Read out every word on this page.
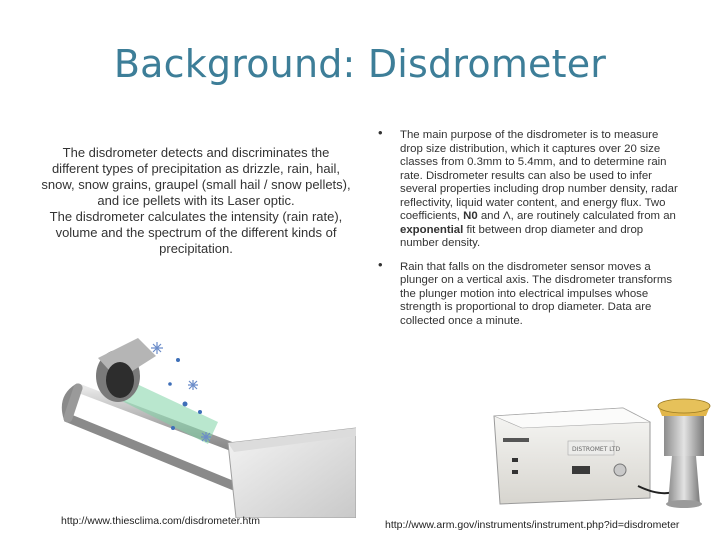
Background: Disdrometer

The disdrometer detects and discriminates the different types of precipitation as drizzle, rain, hail, snow, snow grains, graupel (small hail / snow pellets), and ice pellets with its Laser optic.

The disdrometer calculates the intensity (rain rate), volume and the spectrum of the different kinds of precipitation.

• The main purpose of the disdrometer is to measure drop size distribution, which it captures over 20 size classes from 0.3mm to 5.4mm, and to determine rain rate. Disdrometer results can also be used to infer several properties including drop number density, radar reflectivity, liquid water content, and energy flux. Two coefficients, N0 and Λ, are routinely calculated from an exponential fit between drop diameter and drop number density.
• Rain that falls on the disdrometer sensor moves a plunger on a vertical axis. The disdrometer transforms the plunger motion into electrical impulses whose strength is proportional to drop diameter. Data are collected once a minute.
http://www.thiesclima.com/disdrometer.htm
DISTROMET LTD
http://www.arm.gov/instruments/instrument.php?id=disdrometer
